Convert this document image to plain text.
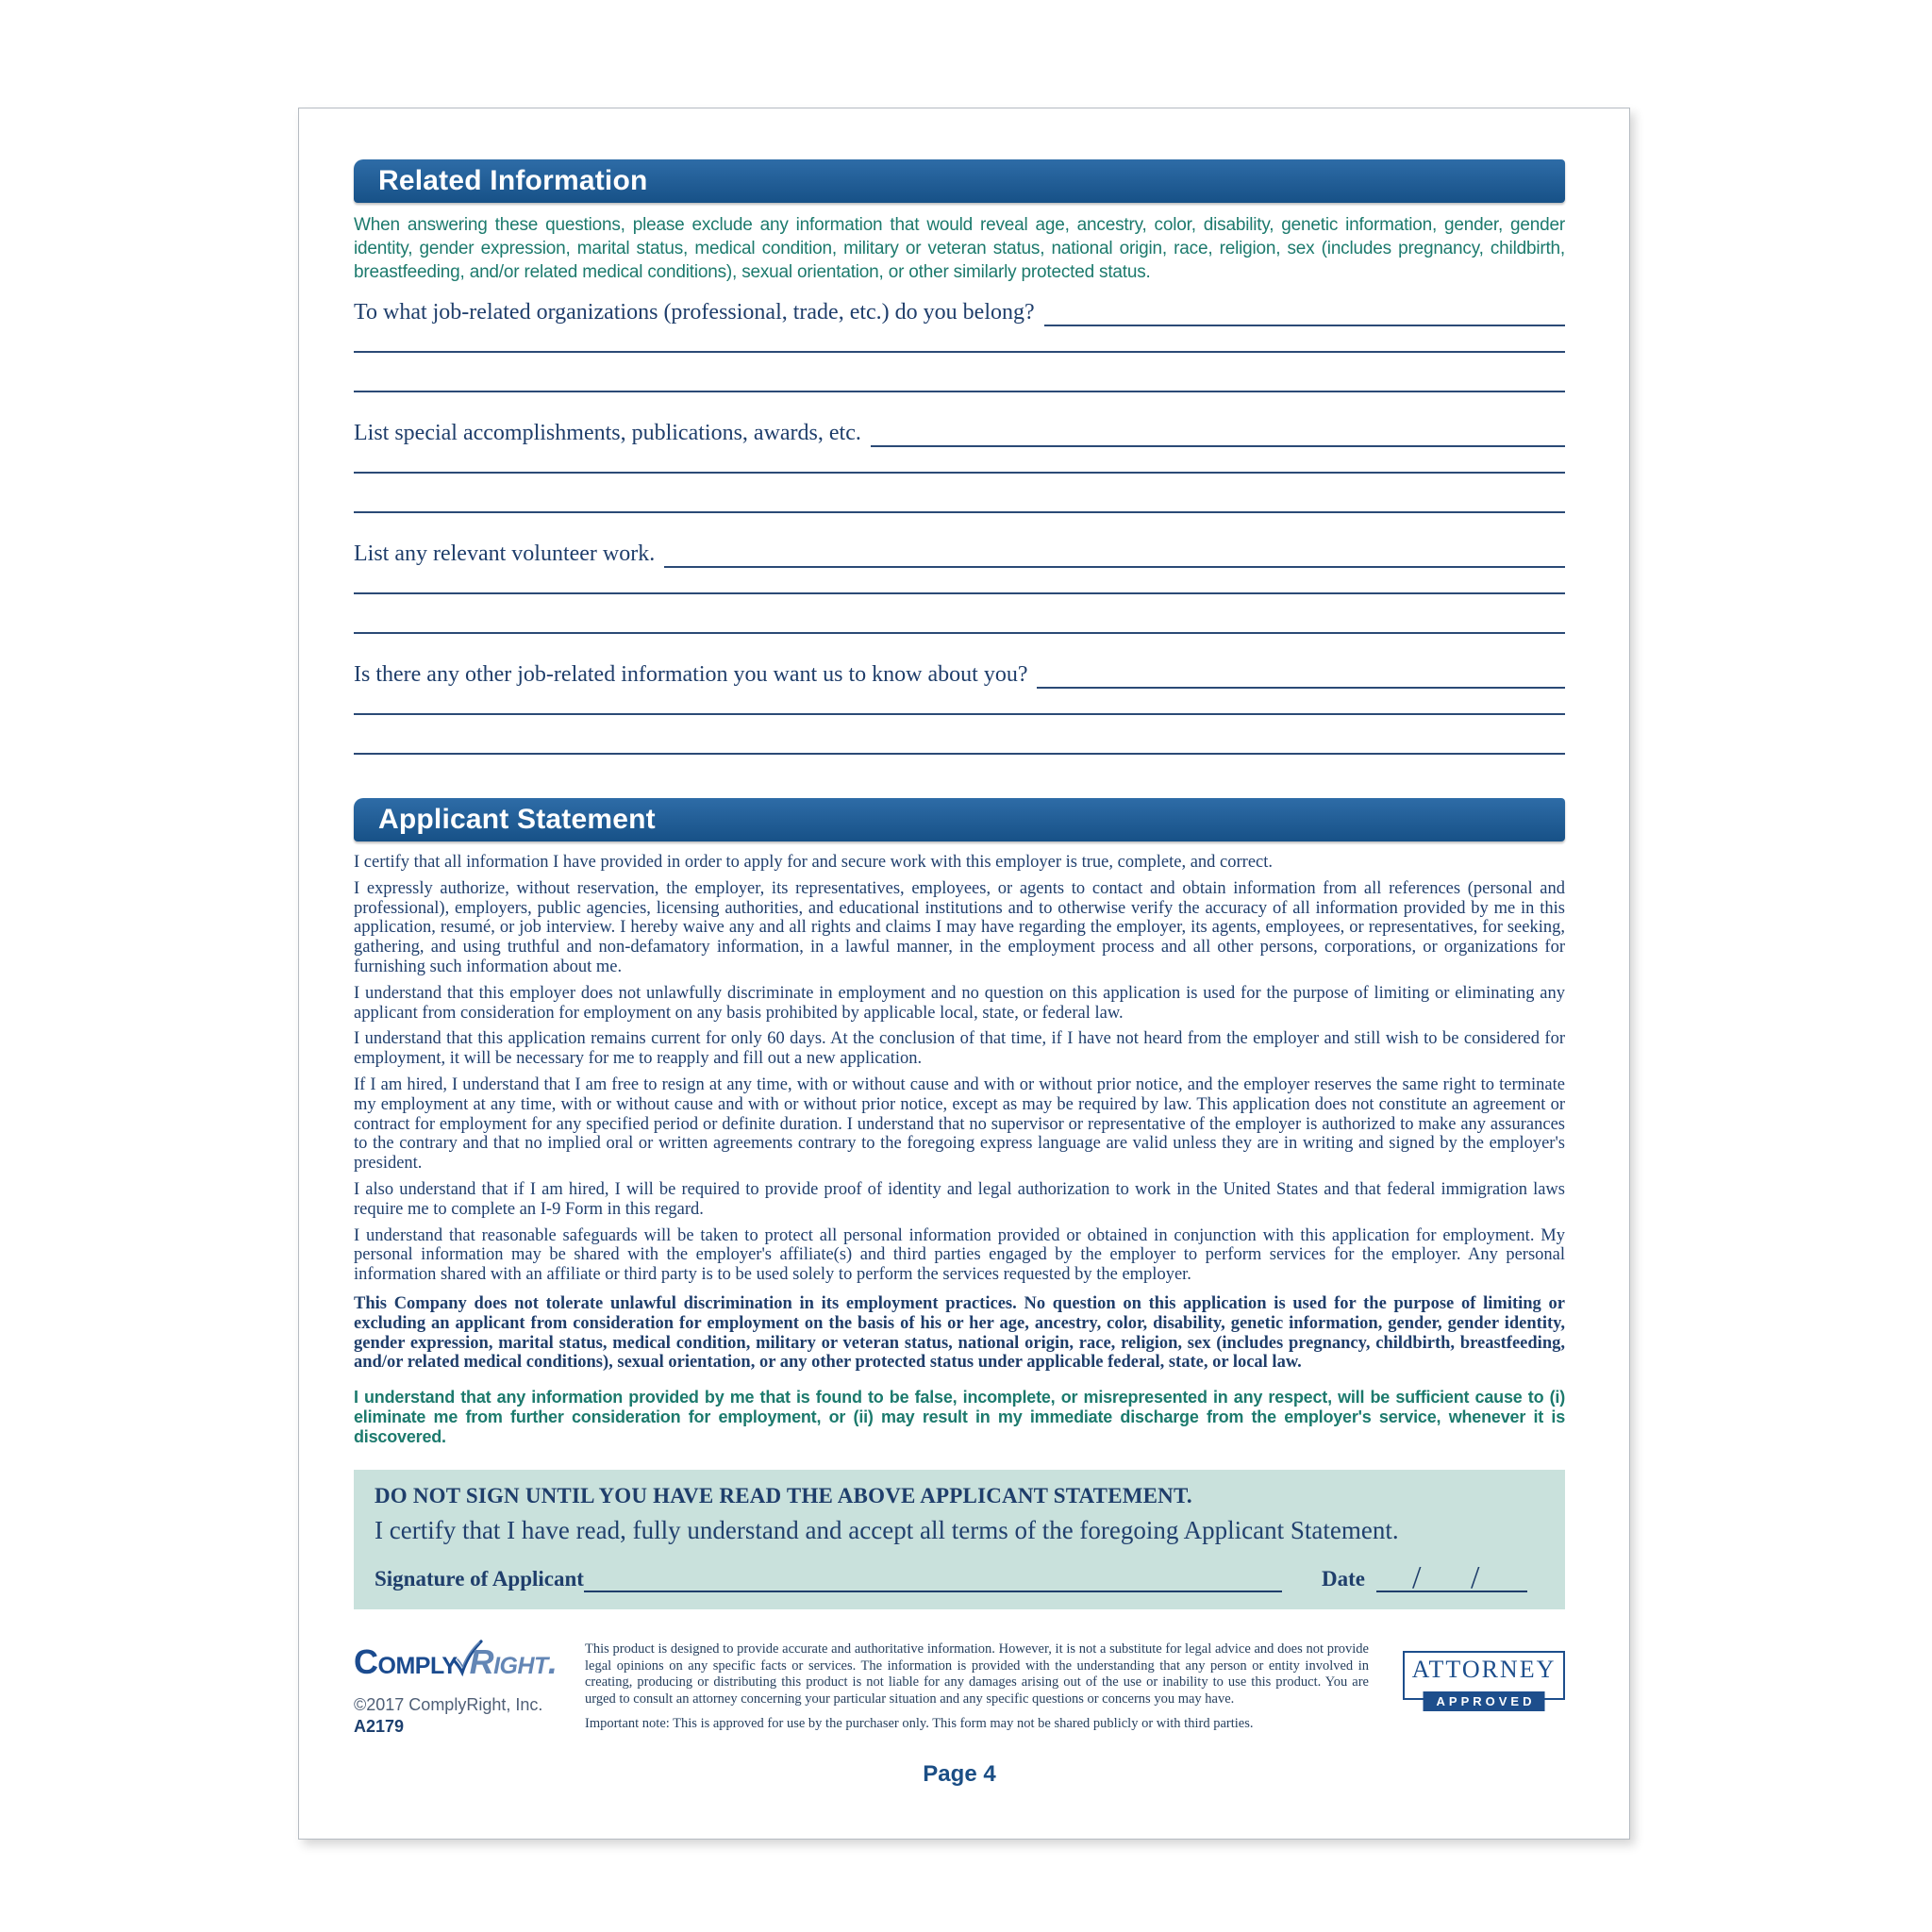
Related Information

When answering these questions, please exclude any information that would reveal age, ancestry, color, disability, genetic information, gender, gender identity, gender expression, marital status, medical condition, military or veteran status, national origin, race, religion, sex (includes pregnancy, childbirth, breastfeeding, and/or related medical conditions), sexual orientation, or other similarly protected status.

To what job-related organizations (professional, trade, etc.) do you belong?
List special accomplishments, publications, awards, etc.
List any relevant volunteer work.
Is there any other job-related information you want us to know about you?
Applicant Statement

I certify that all information I have provided in order to apply for and secure work with this employer is true, complete, and correct.

I expressly authorize, without reservation, the employer, its representatives, employees, or agents to contact and obtain information from all references (personal and professional), employers, public agencies, licensing authorities, and educational institutions and to otherwise verify the accuracy of all information provided by me in this application, resumé, or job interview. I hereby waive any and all rights and claims I may have regarding the employer, its agents, employees, or representatives, for seeking, gathering, and using truthful and non-defamatory information, in a lawful manner, in the employment process and all other persons, corporations, or organizations for furnishing such information about me.

I understand that this employer does not unlawfully discriminate in employment and no question on this application is used for the purpose of limiting or eliminating any applicant from consideration for employment on any basis prohibited by applicable local, state, or federal law.

I understand that this application remains current for only 60 days. At the conclusion of that time, if I have not heard from the employer and still wish to be considered for employment, it will be necessary for me to reapply and fill out a new application.

If I am hired, I understand that I am free to resign at any time, with or without cause and with or without prior notice, and the employer reserves the same right to terminate my employment at any time, with or without cause and with or without prior notice, except as may be required by law. This application does not constitute an agreement or contract for employment for any specified period or definite duration. I understand that no supervisor or representative of the employer is authorized to make any assurances to the contrary and that no implied oral or written agreements contrary to the foregoing express language are valid unless they are in writing and signed by the employer's president.

I also understand that if I am hired, I will be required to provide proof of identity and legal authorization to work in the United States and that federal immigration laws require me to complete an I-9 Form in this regard.

I understand that reasonable safeguards will be taken to protect all personal information provided or obtained in conjunction with this application for employment. My personal information may be shared with the employer's affiliate(s) and third parties engaged by the employer to perform services for the employer. Any personal information shared with an affiliate or third party is to be used solely to perform the services requested by the employer.

This Company does not tolerate unlawful discrimination in its employment practices. No question on this application is used for the purpose of limiting or excluding an applicant from consideration for employment on the basis of his or her age, ancestry, color, disability, genetic information, gender, gender identity, gender expression, marital status, medical condition, military or veteran status, national origin, race, religion, sex (includes pregnancy, childbirth, breastfeeding, and/or related medical conditions), sexual orientation, or any other protected status under applicable federal, state, or local law.

I understand that any information provided by me that is found to be false, incomplete, or misrepresented in any respect, will be sufficient cause to (i) eliminate me from further consideration for employment, or (ii) may result in my immediate discharge from the employer's service, whenever it is discovered.

DO NOT SIGN UNTIL YOU HAVE READ THE ABOVE APPLICANT STATEMENT.
I certify that I have read, fully understand and accept all terms of the foregoing Applicant Statement.
Signature of Applicant	Date / /
Comply Right.
©2017 ComplyRight, Inc.
A2179

This product is designed to provide accurate and authoritative information. However, it is not a substitute for legal advice and does not provide legal opinions on any specific facts or services. The information is provided with the understanding that any person or entity involved in creating, producing or distributing this product is not liable for any damages arising out of the use or inability to use this product. You are urged to consult an attorney concerning your particular situation and any specific questions or concerns you may have.

Important note: This is approved for use by the purchaser only. This form may not be shared publicly or with third parties.

ATTORNEY
APPROVED
Page 4
